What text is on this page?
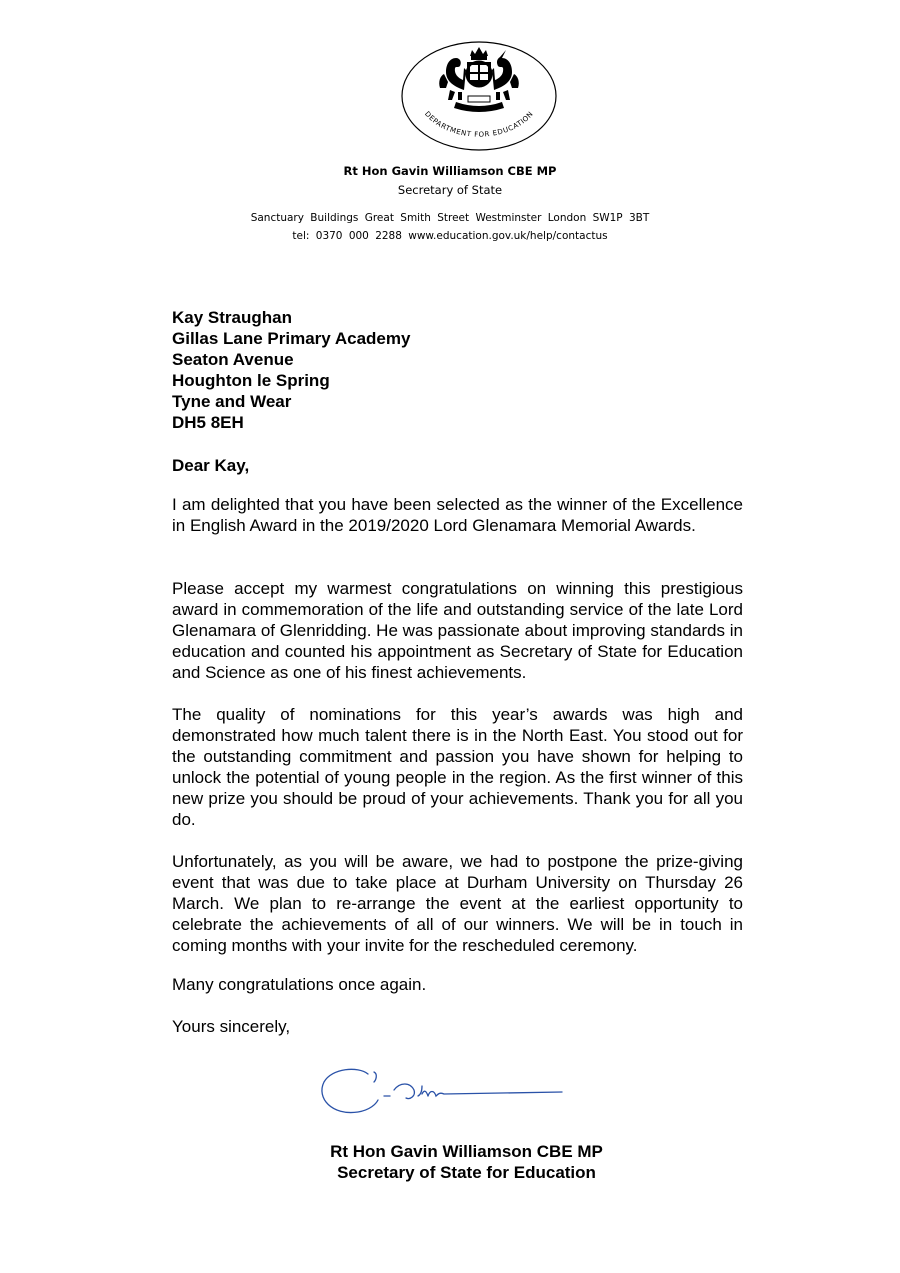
DEPARTMENT FOR EDUCATION
Rt Hon Gavin Williamson CBE MP
Secretary of State
Sanctuary Buildings Great Smith Street Westminster London SW1P 3BT
tel: 0370 000 2288 www.education.gov.uk/help/contactus
Kay Straughan
Gillas Lane Primary Academy
Seaton Avenue
Houghton le Spring
Tyne and Wear
DH5 8EH
Dear Kay,
I am delighted that you have been selected as the winner of the Excellence in English Award in the 2019/2020 Lord Glenamara Memorial Awards.
Please accept my warmest congratulations on winning this prestigious award in commemoration of the life and outstanding service of the late Lord Glenamara of Glenridding. He was passionate about improving standards in education and counted his appointment as Secretary of State for Education and Science as one of his finest achievements.
The quality of nominations for this year’s awards was high and demonstrated how much talent there is in the North East. You stood out for the outstanding commitment and passion you have shown for helping to unlock the potential of young people in the region. As the first winner of this new prize you should be proud of your achievements. Thank you for all you do.
Unfortunately, as you will be aware, we had to postpone the prize-giving event that was due to take place at Durham University on Thursday 26 March. We plan to re-arrange the event at the earliest opportunity to celebrate the achievements of all of our winners. We will be in touch in coming months with your invite for the rescheduled ceremony.
Many congratulations once again.
Yours sincerely,
Rt Hon Gavin Williamson CBE MP
Secretary of State for Education
